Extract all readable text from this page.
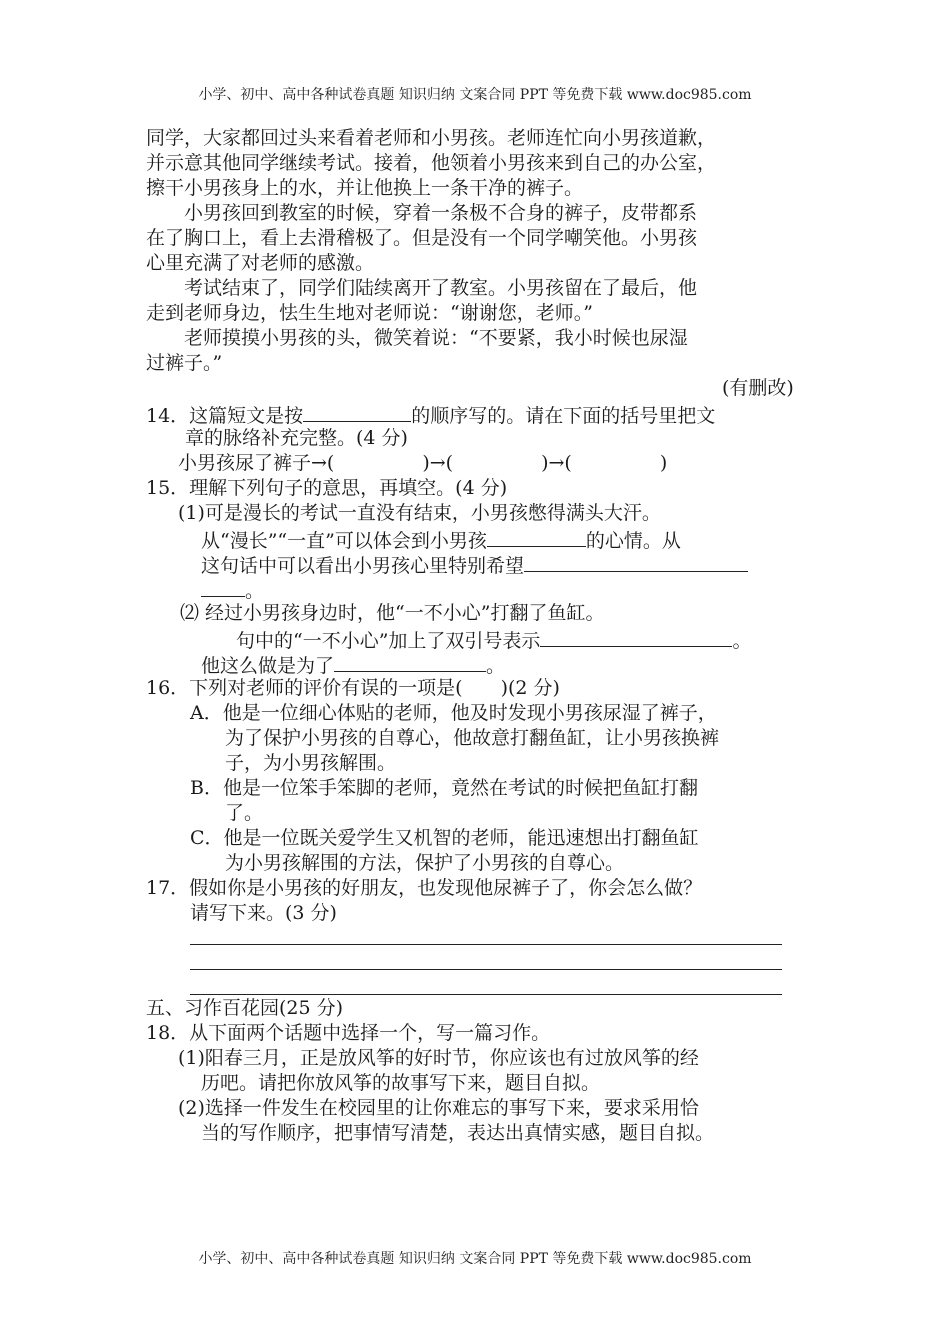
小学、初中、高中各种试卷真题 知识归纳 文案合同 PPT 等免费下载 www.doc985.com
同学，大家都回过头来看着老师和小男孩。老师连忙向小男孩道歉，
并示意其他同学继续考试。接着，他领着小男孩来到自己的办公室，
擦干小男孩身上的水，并让他换上一条干净的裤子。
小男孩回到教室的时候，穿着一条极不合身的裤子，皮带都系
在了胸口上，看上去滑稽极了。但是没有一个同学嘲笑他。小男孩
心里充满了对老师的感激。
考试结束了，同学们陆续离开了教室。小男孩留在了最后，他
走到老师身边，怯生生地对老师说：“谢谢您，老师。”
老师摸摸小男孩的头，微笑着说：“不要紧，我小时候也尿湿
过裤子。”
(有删改)
14．这篇短文是按	的顺序写的。请在下面的括号里把文
章的脉络补充完整。(4 分)
小男孩尿了裤子→(	)→(	)→(	)
15．理解下列句子的意思，再填空。(4 分)
(1)可是漫长的考试一直没有结束，小男孩憋得满头大汗。
从“漫长”“一直”可以体会到小男孩	的心情。从
这句话中可以看出小男孩心里特别希望
。
⑵ 经过小男孩身边时，他“一不小心”打翻了鱼缸。
句中的“一不小心”加上了双引号表示	。
他这么做是为了	。
16．下列对老师的评价有误的一项是(　　)(2 分)
A．他是一位细心体贴的老师，他及时发现小男孩尿湿了裤子，
为了保护小男孩的自尊心，他故意打翻鱼缸，让小男孩换裤
子，为小男孩解围。
B．他是一位笨手笨脚的老师，竟然在考试的时候把鱼缸打翻
了。
C．他是一位既关爱学生又机智的老师，能迅速想出打翻鱼缸
为小男孩解围的方法，保护了小男孩的自尊心。
17．假如你是小男孩的好朋友，也发现他尿裤子了，你会怎么做？
请写下来。(3 分)
五、习作百花园(25 分)
18．从下面两个话题中选择一个，写一篇习作。
(1)阳春三月，正是放风筝的好时节，你应该也有过放风筝的经
历吧。请把你放风筝的故事写下来，题目自拟。
(2)选择一件发生在校园里的让你难忘的事写下来，要求采用恰
当的写作顺序，把事情写清楚，表达出真情实感，题目自拟。
小学、初中、高中各种试卷真题 知识归纳 文案合同 PPT 等免费下载 www.doc985.com
